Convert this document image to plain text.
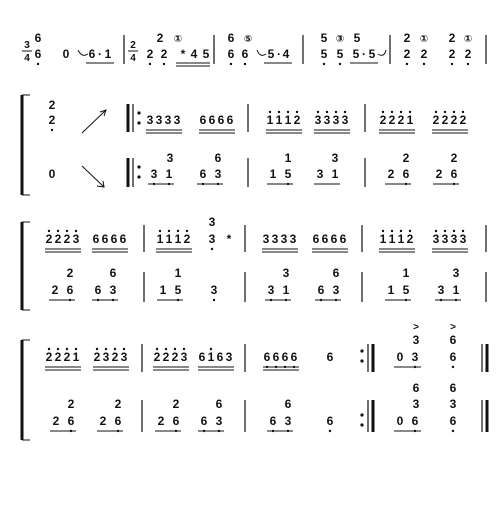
3
4
2
4
·	·	·
6
6
0 6 1	2 2
2 ①
* 4 5 6 6
6 ⑤
5 4	5 5
5 ③
5 5
5
2 2
2 ①
2 2
2 ①
2
2	3 3 3 3 6 6 6 6	1 1 1 2 3 3 3 3	2 2 2 1 2 2 2 2
0
3
3 1
6
6 3
1
1 5
3
3 1
2
2 6
2
2 6
2 2 2 3 6 6 6 6	1 1 1 2
3
3 *	3 3 3 3 6 6 6 6	1 1 1 2 3 3 3 3
2
2 6
6
6 3
1
1 5 3
3
3 1
6
6 3
1
1 5
3
3 1
2 2 2 1 2 3 2 3 2 2 2 3 6 1 6 3	6 6 6 6 6
>
3
0 3
>
6
6
2
2 6
2
2 6
2
2 6
6
6 3
6
6 3	6
6
3
0 6
6
3
6
